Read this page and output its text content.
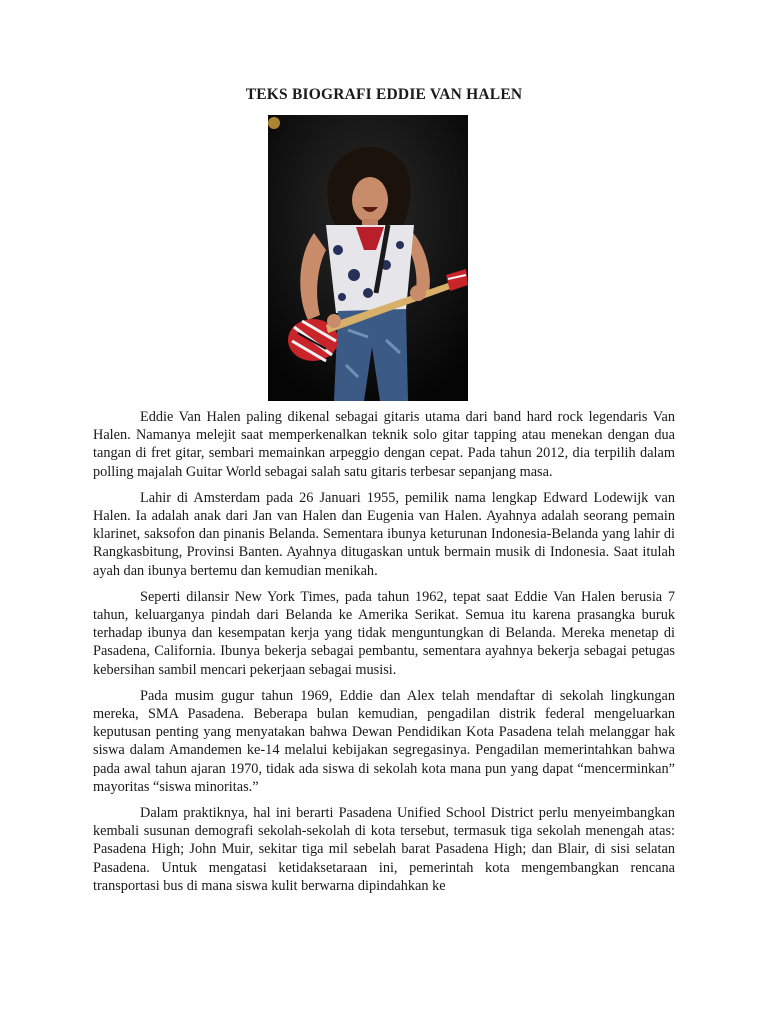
TEKS BIOGRAFI EDDIE VAN HALEN

Eddie Van Halen paling dikenal sebagai gitaris utama dari band hard rock legendaris Van Halen. Namanya melejit saat memperkenalkan teknik solo gitar tapping atau menekan dengan dua tangan di fret gitar, sembari memainkan arpeggio dengan cepat. Pada tahun 2012, dia terpilih dalam polling majalah Guitar World sebagai salah satu gitaris terbesar sepanjang masa.

Lahir di Amsterdam pada 26 Januari 1955, pemilik nama lengkap Edward Lodewijk van Halen. Ia adalah anak dari Jan van Halen dan Eugenia van Halen. Ayahnya adalah seorang pemain klarinet, saksofon dan pinanis Belanda. Sementara ibunya keturunan Indonesia-Belanda yang lahir di Rangkasbitung, Provinsi Banten. Ayahnya ditugaskan untuk bermain musik di Indonesia. Saat itulah ayah dan ibunya bertemu dan kemudian menikah.

Seperti dilansir New York Times, pada tahun 1962, tepat saat Eddie Van Halen berusia 7 tahun, keluarganya pindah dari Belanda ke Amerika Serikat. Semua itu karena prasangka buruk terhadap ibunya dan kesempatan kerja yang tidak menguntungkan di Belanda. Mereka menetap di Pasadena, California. Ibunya bekerja sebagai pembantu, sementara ayahnya bekerja sebagai petugas kebersihan sambil mencari pekerjaan sebagai musisi.

Pada musim gugur tahun 1969, Eddie dan Alex telah mendaftar di sekolah lingkungan mereka, SMA Pasadena. Beberapa bulan kemudian, pengadilan distrik federal mengeluarkan keputusan penting yang menyatakan bahwa Dewan Pendidikan Kota Pasadena telah melanggar hak siswa dalam Amandemen ke-14 melalui kebijakan segregasinya. Pengadilan memerintahkan bahwa pada awal tahun ajaran 1970, tidak ada siswa di sekolah kota mana pun yang dapat “mencerminkan” mayoritas “siswa minoritas.”

Dalam praktiknya, hal ini berarti Pasadena Unified School District perlu menyeimbangkan kembali susunan demografi sekolah-sekolah di kota tersebut, termasuk tiga sekolah menengah atas: Pasadena High; John Muir, sekitar tiga mil sebelah barat Pasadena High; dan Blair, di sisi selatan Pasadena. Untuk mengatasi ketidaksetaraan ini, pemerintah kota mengembangkan rencana transportasi bus di mana siswa kulit berwarna dipindahkan ke
